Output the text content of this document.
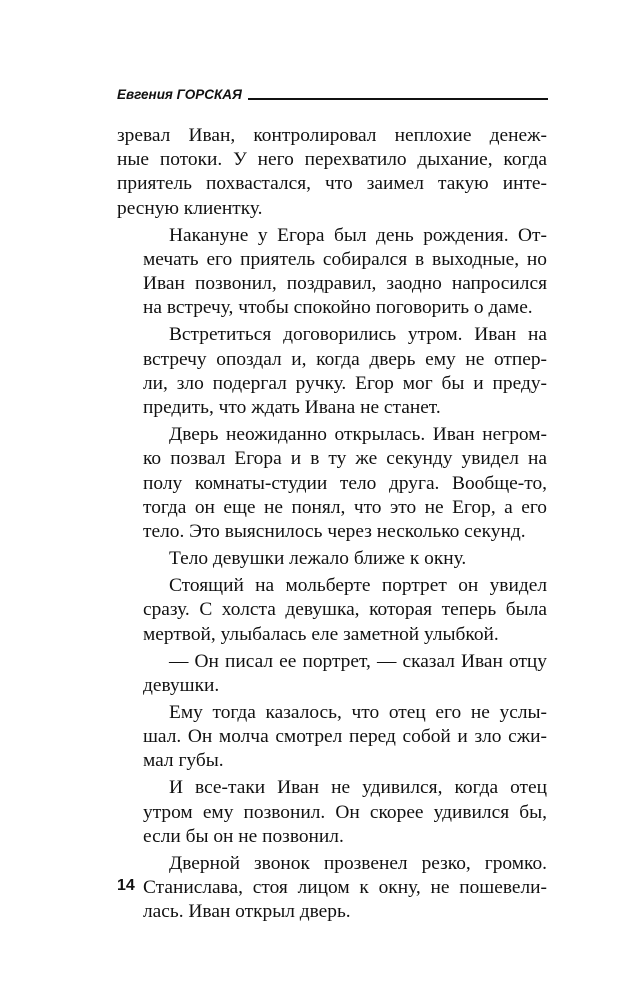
Евгения ГОРСКАЯ
зревал Иван, контролировал неплохие денеж-
ные потоки. У него перехватило дыхание, когда
приятель похвастался, что заимел такую инте-
ресную клиентку.
Накануне у Егора был день рождения. От-
мечать его приятель собирался в выходные, но
Иван позвонил, поздравил, заодно напросился
на встречу, чтобы спокойно поговорить о даме.
Встретиться договорились утром. Иван на
встречу опоздал и, когда дверь ему не отпер-
ли, зло подергал ручку. Егор мог бы и преду-
предить, что ждать Ивана не станет.
Дверь неожиданно открылась. Иван негром-
ко позвал Егора и в ту же секунду увидел на
полу комнаты-студии тело друга. Вообще-то,
тогда он еще не понял, что это не Егор, а его
тело. Это выяснилось через несколько секунд.
Тело девушки лежало ближе к окну.
Стоящий на мольберте портрет он увидел
сразу. С холста девушка, которая теперь была
мертвой, улыбалась еле заметной улыбкой.
— Он писал ее портрет, — сказал Иван отцу
девушки.
Ему тогда казалось, что отец его не услы-
шал. Он молча смотрел перед собой и зло сжи-
мал губы.
И все-таки Иван не удивился, когда отец
утром ему позвонил. Он скорее удивился бы,
если бы он не позвонил.
Дверной звонок прозвенел резко, громко.
Станислава, стоя лицом к окну, не пошевели-
лась. Иван открыл дверь.
14
